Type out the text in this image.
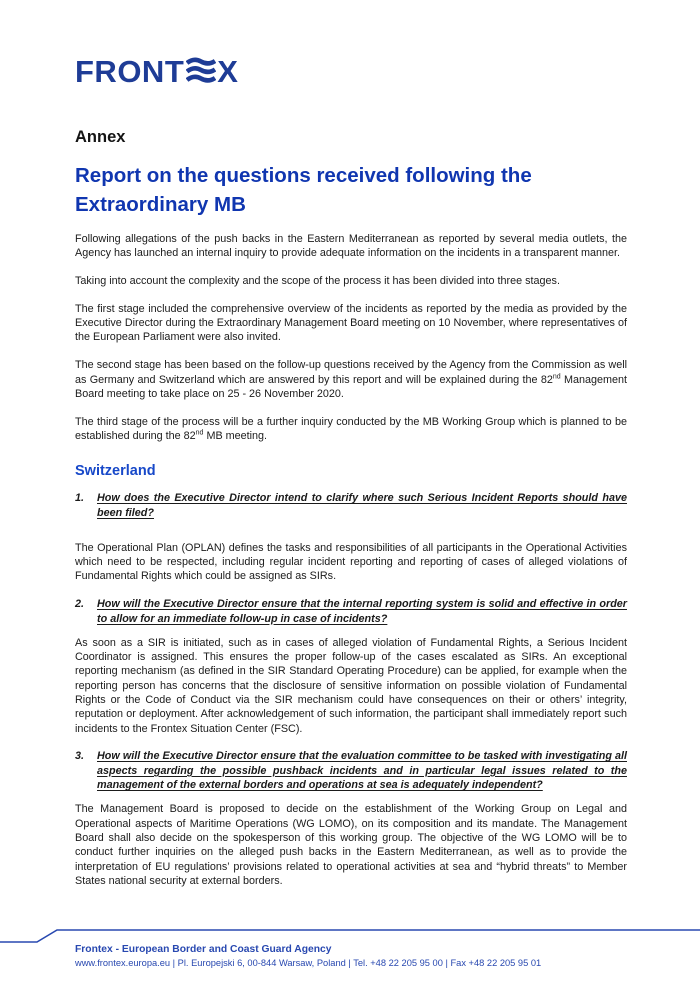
FRONT X
Annex
Report on the questions received following the Extraordinary MB

Following allegations of the push backs in the Eastern Mediterranean as reported by several media outlets, the Agency has launched an internal inquiry to provide adequate information on the incidents in a transparent manner.

Taking into account the complexity and the scope of the process it has been divided into three stages.

The first stage included the comprehensive overview of the incidents as reported by the media as provided by the Executive Director during the Extraordinary Management Board meeting on 10 November, where representatives of the European Parliament were also invited.

The second stage has been based on the follow-up questions received by the Agency from the Commission as well as Germany and Switzerland which are answered by this report and will be explained during the 82nd Management Board meeting to take place on 25 - 26 November 2020.

The third stage of the process will be a further inquiry conducted by the MB Working Group which is planned to be established during the 82nd MB meeting.

Switzerland
1.	How does the Executive Director intend to clarify where such Serious Incident Reports should have been filed?

The Operational Plan (OPLAN) defines the tasks and responsibilities of all participants in the Operational Activities which need to be respected, including regular incident reporting and reporting of cases of alleged violations of Fundamental Rights which could be assigned as SIRs.

2.	How will the Executive Director ensure that the internal reporting system is solid and effective in order to allow for an immediate follow-up in case of incidents?

As soon as a SIR is initiated, such as in cases of alleged violation of Fundamental Rights, a Serious Incident Coordinator is assigned. This ensures the proper follow-up of the cases escalated as SIRs. An exceptional reporting mechanism (as defined in the SIR Standard Operating Procedure) can be applied, for example when the reporting person has concerns that the disclosure of sensitive information on possible violation of Fundamental Rights or the Code of Conduct via the SIR mechanism could have consequences on their or others’ integrity, reputation or deployment. After acknowledgement of such information, the participant shall immediately report such incidents to the Frontex Situation Center (FSC).

3.	How will the Executive Director ensure that the evaluation committee to be tasked with investigating all aspects regarding the possible pushback incidents and in particular legal issues related to the management of the external borders and operations at sea is adequately independent?

The Management Board is proposed to decide on the establishment of the Working Group on Legal and Operational aspects of Maritime Operations (WG LOMO), on its composition and its mandate. The Management Board shall also decide on the spokesperson of this working group. The objective of the WG LOMO will be to conduct further inquiries on the alleged push backs in the Eastern Mediterranean, as well as to provide the interpretation of EU regulations’ provisions related to operational activities at sea and “hybrid threats” to Member States national security at external borders.

Frontex - European Border and Coast Guard Agency
www.frontex.europa.eu | Pl. Europejski 6, 00-844 Warsaw, Poland | Tel. +48 22 205 95 00 | Fax +48 22 205 95 01
